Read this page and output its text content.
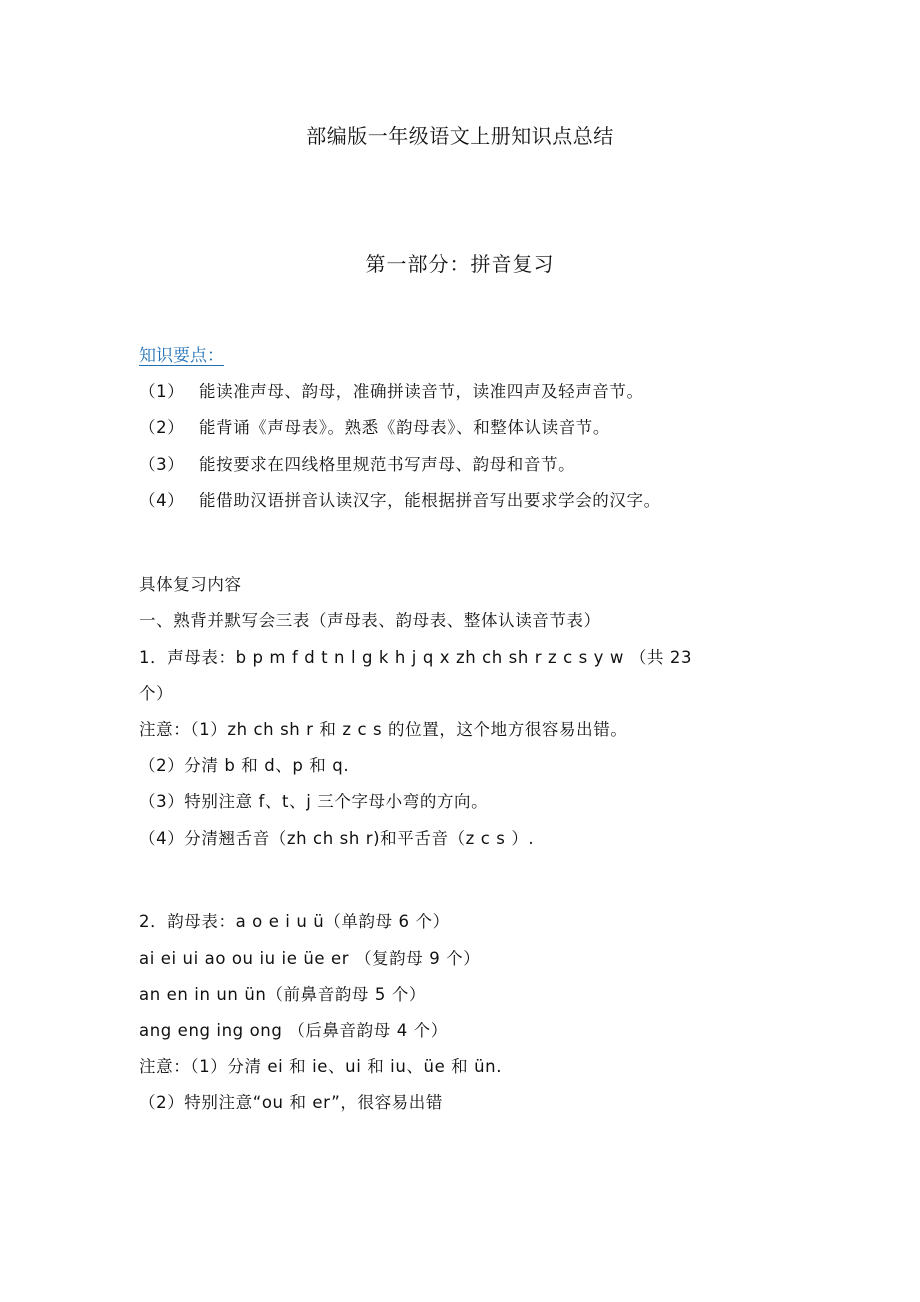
部编版一年级语文上册知识点总结
第一部分：拼音复习
知识要点：
（1） 能读准声母、韵母，准确拼读音节，读准四声及轻声音节。
（2） 能背诵《声母表》。熟悉《韵母表》、和整体认读音节。
（3） 能按要求在四线格里规范书写声母、韵母和音节。
（4） 能借助汉语拼音认读汉字，能根据拼音写出要求学会的汉字。
具体复习内容
一、熟背并默写会三表（声母表、韵母表、整体认读音节表）
1．声母表：b p m f d t n l g k h j q x zh ch sh r z c s y w （共 23
个）
注意：（1）zh ch sh r 和 z c s 的位置，这个地方很容易出错。
（2）分清 b 和 d、p 和 q.
（3）特别注意 f、t、j 三个字母小弯的方向。
（4）分清翘舌音（zh ch sh r)和平舌音（z c s ）.
2．韵母表：a o e i u ü（单韵母 6 个）
ai ei ui ao ou iu ie üe er （复韵母 9 个）
an en in un ün（前鼻音韵母 5 个）
ang eng ing ong （后鼻音韵母 4 个）
注意：（1）分清 ei 和 ie、ui 和 iu、üe 和 ün.
（2）特别注意“ou 和 er”，很容易出错
